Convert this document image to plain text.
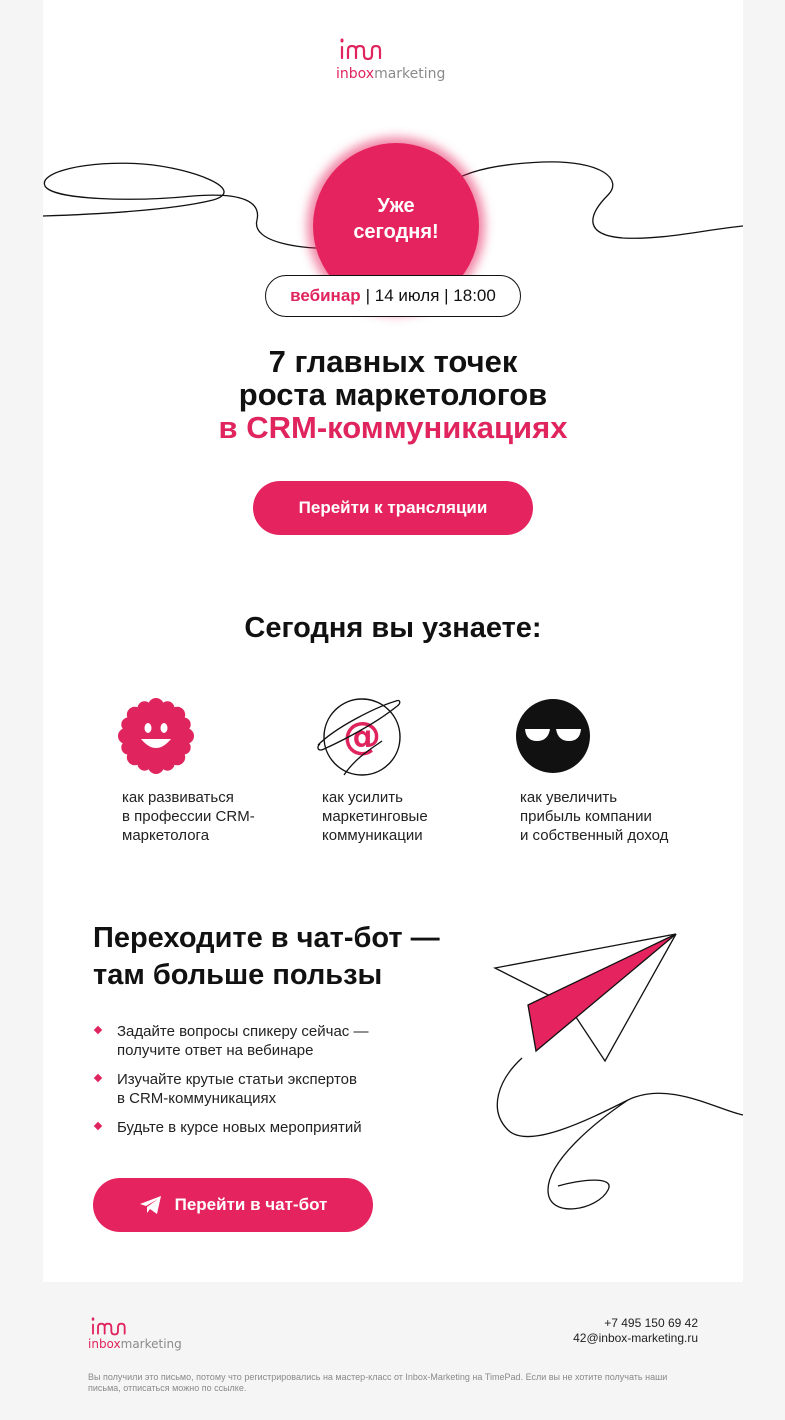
inboxmarketing
Уже
сегодня!
вебинар | 14 июля | 18:00
7 главных точек
роста маркетологов
в CRM-коммуникациях
Перейти к трансляции
Сегодня вы узнаете:
как развиваться
в профессии CRM-
маркетолога
@
как усилить
маркетинговые
коммуникации
как увеличить
прибыль компании
и собственный доход
Переходите в чат-бот —
там больше пользы
Задайте вопросы спикеру сейчас —
получите ответ на вебинаре
Изучайте крутые статьи экспертов
в CRM-коммуникациях
Будьте в курсе новых мероприятий
Перейти в чат-бот
inboxmarketing
+7 495 150 69 42
42@inbox-marketing.ru
Вы получили это письмо, потому что регистрировались на мастер-класс от Inbox-Marketing на TimePad. Если вы не хотите получать наши письма, отписаться можно по ссылке.
